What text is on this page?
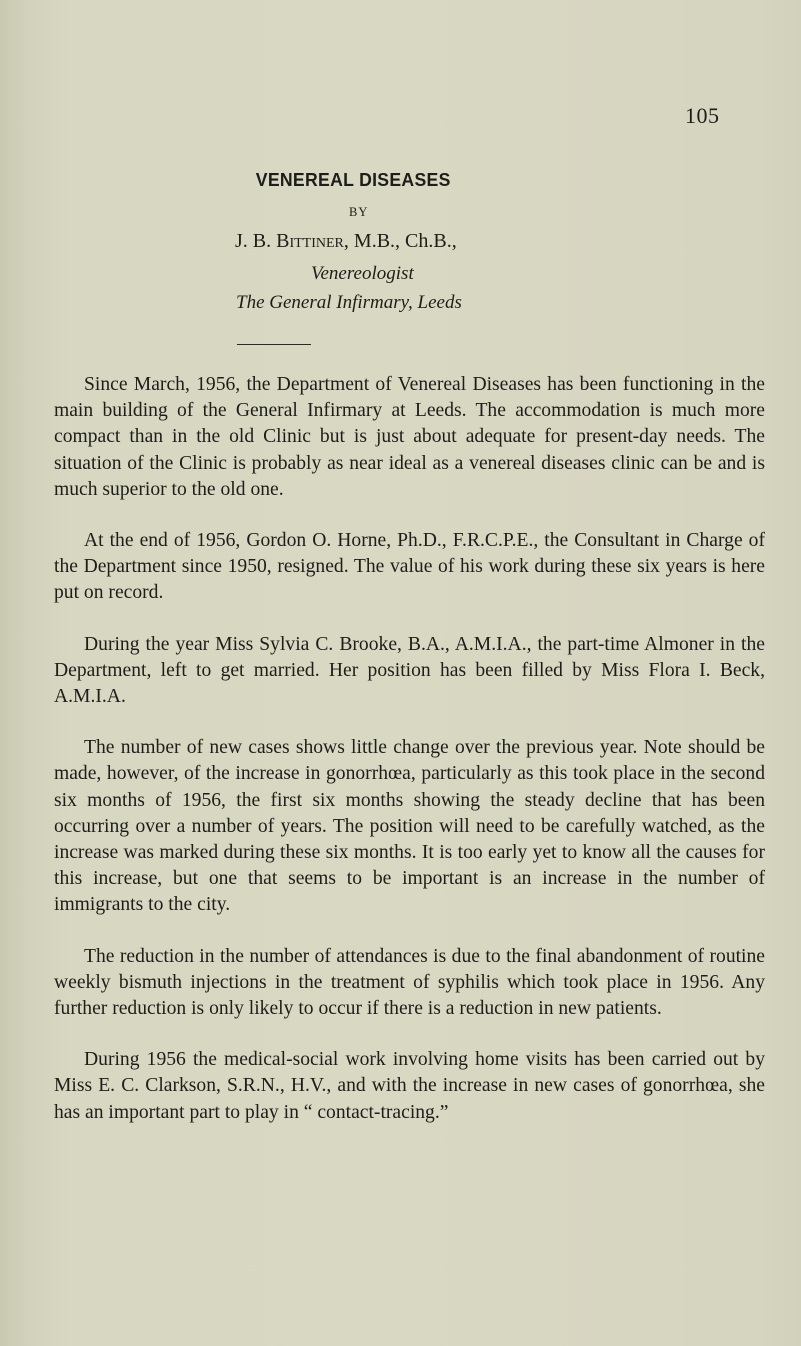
105
VENEREAL DISEASES
BY
J. B. Bittiner, M.B., Ch.B.,
Venereologist
The General Infirmary, Leeds

Since March, 1956, the Department of Venereal Diseases has been functioning in the main building of the General Infirmary at Leeds. The accommodation is much more compact than in the old Clinic but is just about adequate for present-day needs. The situation of the Clinic is probably as near ideal as a venereal diseases clinic can be and is much superior to the old one.

At the end of 1956, Gordon O. Horne, Ph.D., F.R.C.P.E., the Consultant in Charge of the Department since 1950, resigned. The value of his work during these six years is here put on record.

During the year Miss Sylvia C. Brooke, B.A., A.M.I.A., the part-time Almoner in the Department, left to get married. Her position has been filled by Miss Flora I. Beck, A.M.I.A.

The number of new cases shows little change over the previous year. Note should be made, however, of the increase in gonorrhœa, particularly as this took place in the second six months of 1956, the first six months showing the steady decline that has been occurring over a number of years. The position will need to be carefully watched, as the increase was marked during these six months. It is too early yet to know all the causes for this increase, but one that seems to be important is an increase in the number of immigrants to the city.

The reduction in the number of attendances is due to the final abandonment of routine weekly bismuth injections in the treatment of syphilis which took place in 1956. Any further reduction is only likely to occur if there is a reduction in new patients.

During 1956 the medical-social work involving home visits has been carried out by Miss E. C. Clarkson, S.R.N., H.V., and with the increase in new cases of gonorrhœa, she has an important part to play in “ contact-tracing.”
